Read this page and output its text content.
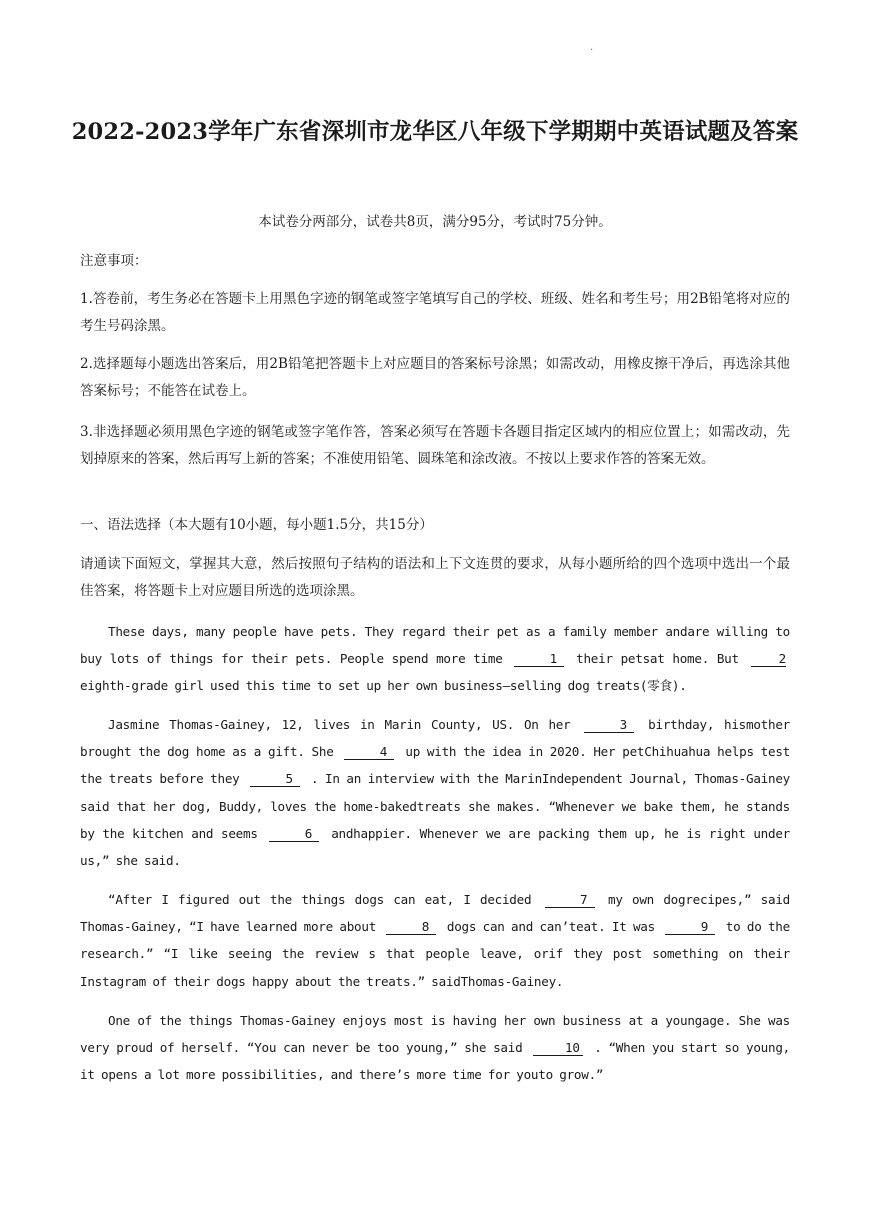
.
2022-2023学年广东省深圳市龙华区八年级下学期期中英语试题及答案
本试卷分两部分，试卷共8页，满分95分，考试时75分钟。
注意事项：
1.答卷前，考生务必在答题卡上用黑色字迹的钢笔或签字笔填写自己的学校、班级、姓名和考生号；用2B铅笔将对应的考生号码涂黑。
2.选择题每小题选出答案后，用2B铅笔把答题卡上对应题目的答案标号涂黑；如需改动，用橡皮擦干净后，再选涂其他答案标号；不能答在试卷上。
3.非选择题必须用黑色字迹的钢笔或签字笔作答，答案必须写在答题卡各题目指定区域内的相应位置上；如需改动，先划掉原来的答案，然后再写上新的答案；不准使用铅笔、圆珠笔和涂改液。不按以上要求作答的答案无效。
一、语法选择（本大题有10小题，每小题1.5分，共15分）
请通读下面短文，掌握其大意，然后按照句子结构的语法和上下文连贯的要求，从每小题所给的四个选项中选出一个最佳答案，将答题卡上对应题目所选的选项涂黑。
These days, many people have pets. They regard their pet as a family member andare willing to buy lots of things for their pets. People spend more time	1 their petsat home. But	2 eighth-grade girl used this time to set up her own business—selling dog treats(零食).
Jasmine Thomas-Gainey, 12, lives in Marin County, US. On her	3 birthday, hismother brought the dog home as a gift. She	4 up with the idea in 2020. Her petChihuahua helps test the treats before they	5 . In an interview with the MarinIndependent Journal, Thomas-Gainey said that her dog, Buddy, loves the home-bakedtreats she makes. “Whenever we bake them, he stands by the kitchen and seems	6 andhappier. Whenever we are packing them up, he is right under us,” she said.
“After I figured out the things dogs can eat, I decided	7 my own dogrecipes,” said Thomas-Gainey, “I have learned more about	8 dogs can and can’teat. It was	9 to do the research.” “I like seeing the review s that people leave, orif they post something on their Instagram of their dogs happy about the treats.” saidThomas-Gainey.
One of the things Thomas-Gainey enjoys most is having her own business at a youngage. She was very proud of herself. “You can never be too young,” she said	10 . “When you start so young, it opens a lot more possibilities, and there’s more time for youto grow.”
